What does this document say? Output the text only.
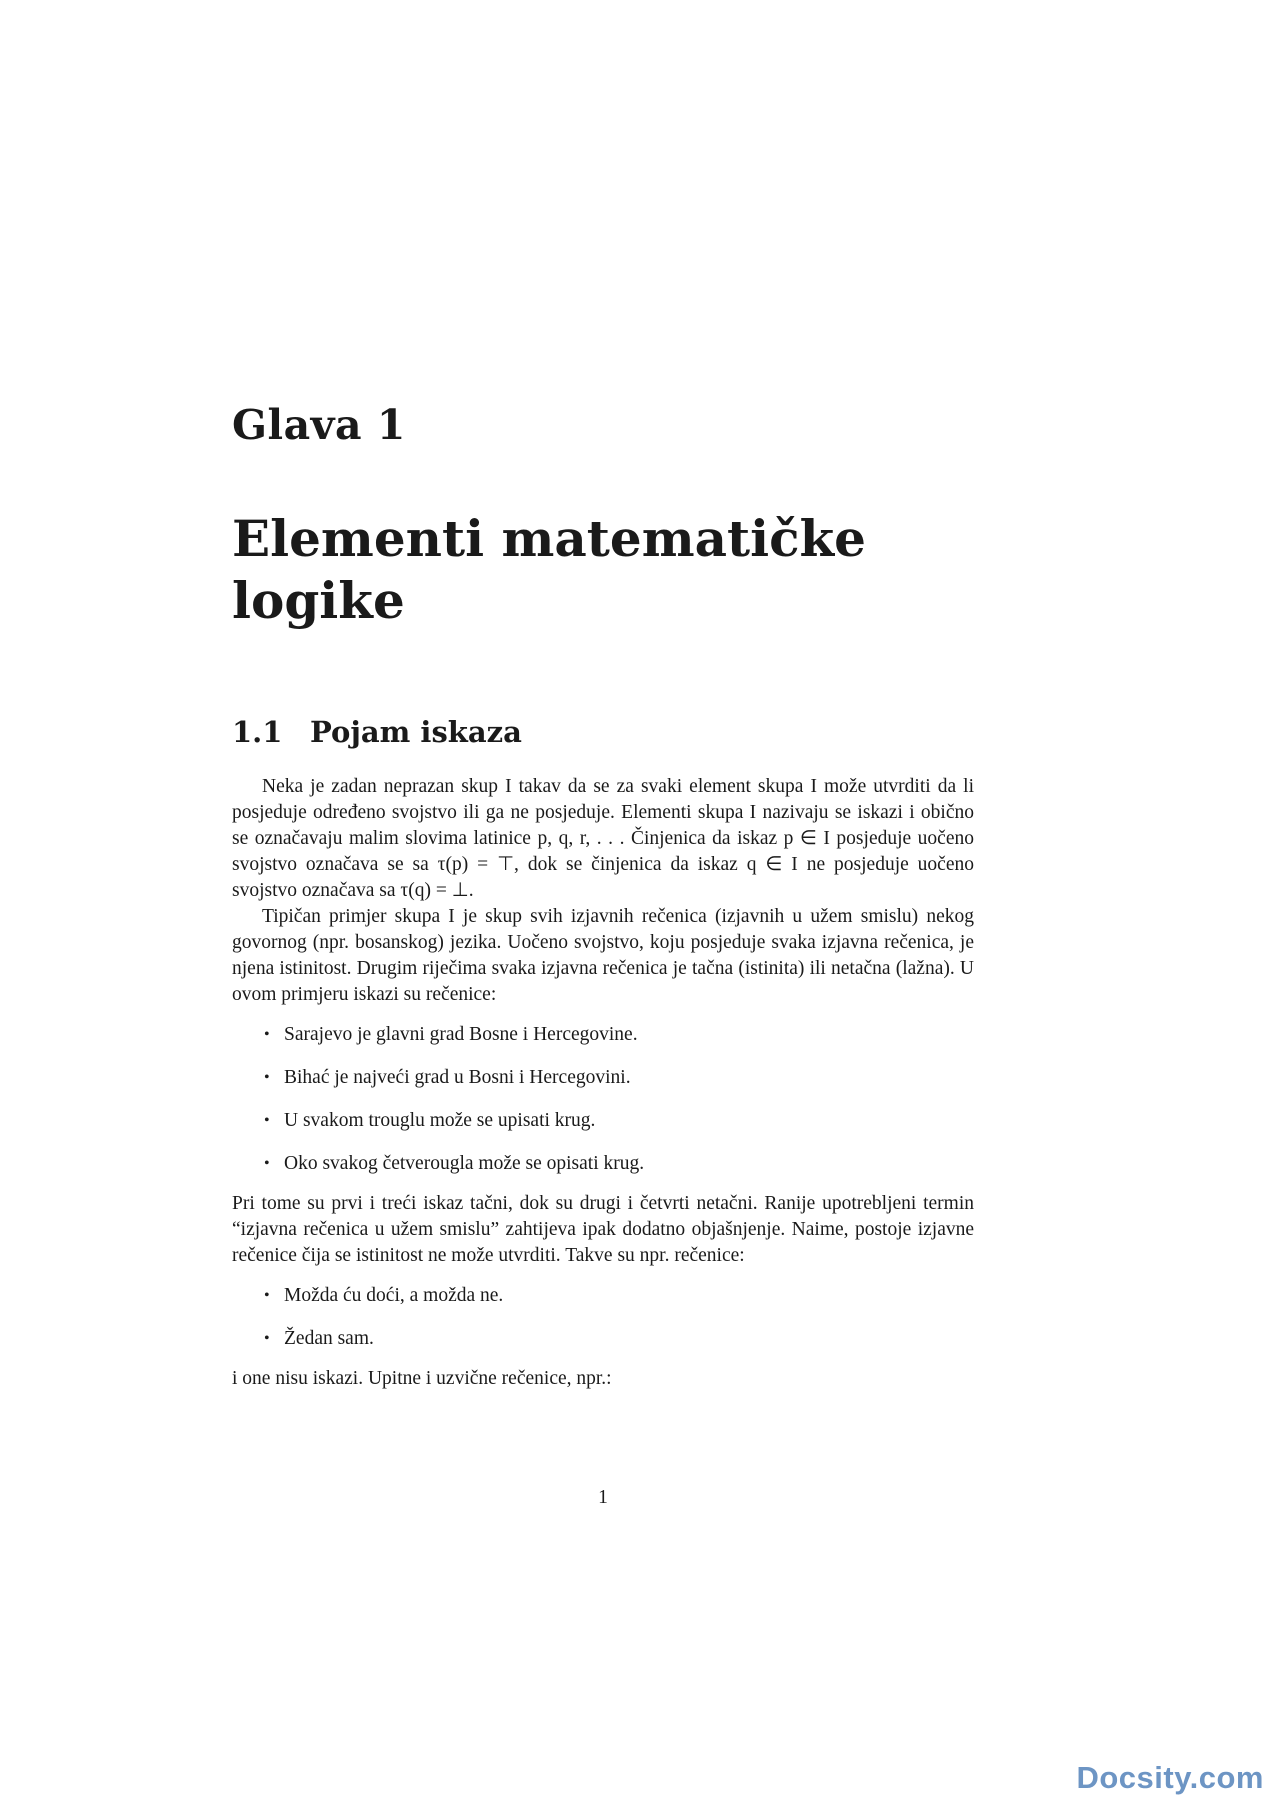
Glava 1
Elementi matematičke logike
1.1 Pojam iskaza

Neka je zadan neprazan skup I takav da se za svaki element skupa I može utvrditi da li posjeduje određeno svojstvo ili ga ne posjeduje. Elementi skupa I nazivaju se iskazi i obično se označavaju malim slovima latinice p, q, r, . . . Činjenica da iskaz p ∈ I posjeduje uočeno svojstvo označava se sa τ(p) = ⊤, dok se činjenica da iskaz q ∈ I ne posjeduje uočeno svojstvo označava sa τ(q) = ⊥.

Tipičan primjer skupa I je skup svih izjavnih rečenica (izjavnih u užem smislu) nekog govornog (npr. bosanskog) jezika. Uočeno svojstvo, koju posjeduje svaka izjavna rečenica, je njena istinitost. Drugim riječima svaka izjavna rečenica je tačna (istinita) ili netačna (lažna). U ovom primjeru iskazi su rečenice:

• Sarajevo je glavni grad Bosne i Hercegovine.
• Bihać je najveći grad u Bosni i Hercegovini.
• U svakom trouglu može se upisati krug.
• Oko svakog četverougla može se opisati krug.

Pri tome su prvi i treći iskaz tačni, dok su drugi i četvrti netačni. Ranije upotrebljeni termin “izjavna rečenica u užem smislu” zahtijeva ipak dodatno objašnjenje. Naime, postoje izjavne rečenice čija se istinitost ne može utvrditi. Takve su npr. rečenice:

• Možda ću doći, a možda ne.
• Žedan sam.

i one nisu iskazi. Upitne i uzvične rečenice, npr.:

1
Docsity.com
